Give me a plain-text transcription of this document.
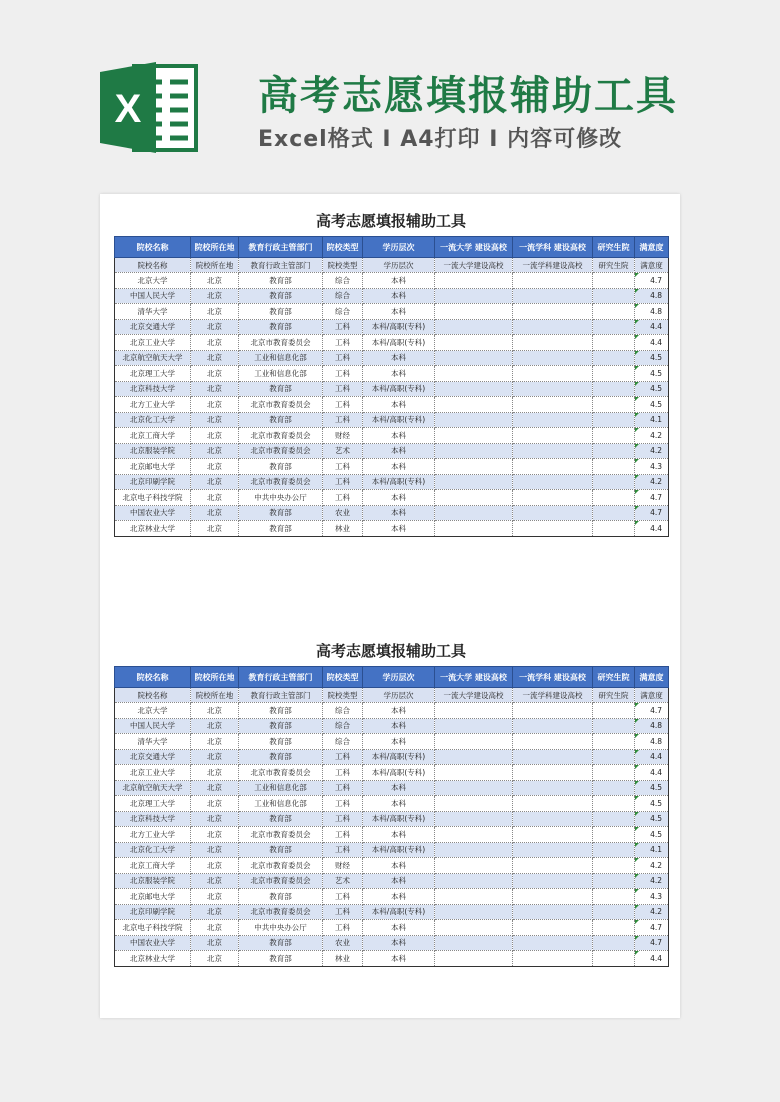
X	高考志愿填报辅助工具
Excel格式 I A4打印 I 内容可修改
高考志愿填报辅助工具
院校名称	院校所在地	教育行政主管部门	院校类型	学历层次	一流大学 建设高校	一流学科 建设高校	研究生院	满意度
院校名称	院校所在地	教育行政主管部门	院校类型	学历层次	一流大学建设高校	一流学科建设高校	研究生院	满意度
北京大学	北京	教育部	综合	本科				4.7
中国人民大学	北京	教育部	综合	本科				4.8
清华大学	北京	教育部	综合	本科				4.8
北京交通大学	北京	教育部	工科	本科/高职(专科)				4.4
北京工业大学	北京	北京市教育委员会	工科	本科/高职(专科)				4.4
北京航空航天大学	北京	工业和信息化部	工科	本科				4.5
北京理工大学	北京	工业和信息化部	工科	本科				4.5
北京科技大学	北京	教育部	工科	本科/高职(专科)				4.5
北方工业大学	北京	北京市教育委员会	工科	本科				4.5
北京化工大学	北京	教育部	工科	本科/高职(专科)				4.1
北京工商大学	北京	北京市教育委员会	财经	本科				4.2
北京服装学院	北京	北京市教育委员会	艺术	本科				4.2
北京邮电大学	北京	教育部	工科	本科				4.3
北京印刷学院	北京	北京市教育委员会	工科	本科/高职(专科)				4.2
北京电子科技学院	北京	中共中央办公厅	工科	本科				4.7
中国农业大学	北京	教育部	农业	本科				4.7
北京林业大学	北京	教育部	林业	本科				4.4
高考志愿填报辅助工具
院校名称	院校所在地	教育行政主管部门	院校类型	学历层次	一流大学 建设高校	一流学科 建设高校	研究生院	满意度
院校名称	院校所在地	教育行政主管部门	院校类型	学历层次	一流大学建设高校	一流学科建设高校	研究生院	满意度
北京大学	北京	教育部	综合	本科				4.7
中国人民大学	北京	教育部	综合	本科				4.8
清华大学	北京	教育部	综合	本科				4.8
北京交通大学	北京	教育部	工科	本科/高职(专科)				4.4
北京工业大学	北京	北京市教育委员会	工科	本科/高职(专科)				4.4
北京航空航天大学	北京	工业和信息化部	工科	本科				4.5
北京理工大学	北京	工业和信息化部	工科	本科				4.5
北京科技大学	北京	教育部	工科	本科/高职(专科)				4.5
北方工业大学	北京	北京市教育委员会	工科	本科				4.5
北京化工大学	北京	教育部	工科	本科/高职(专科)				4.1
北京工商大学	北京	北京市教育委员会	财经	本科				4.2
北京服装学院	北京	北京市教育委员会	艺术	本科				4.2
北京邮电大学	北京	教育部	工科	本科				4.3
北京印刷学院	北京	北京市教育委员会	工科	本科/高职(专科)				4.2
北京电子科技学院	北京	中共中央办公厅	工科	本科				4.7
中国农业大学	北京	教育部	农业	本科				4.7
北京林业大学	北京	教育部	林业	本科				4.4
